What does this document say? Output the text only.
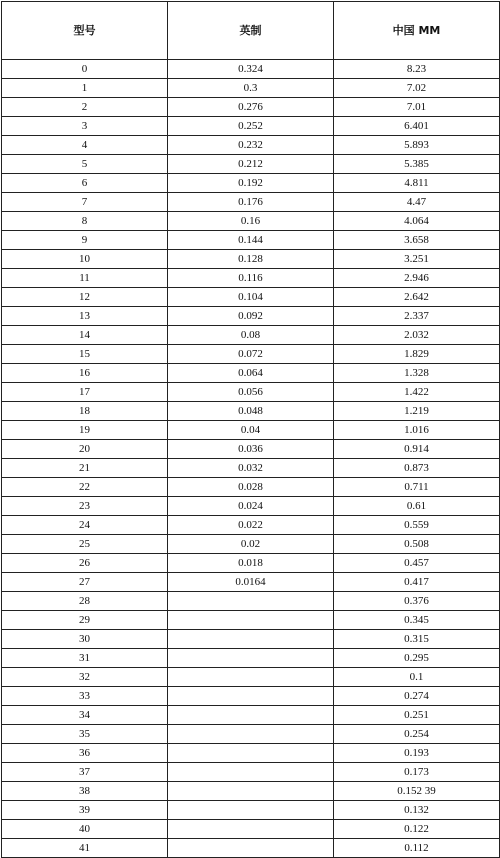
型号	英制	中国 MM
0	0.324	8.23
1	0.3	7.02
2	0.276	7.01
3	0.252	6.401
4	0.232	5.893
5	0.212	5.385
6	0.192	4.811
7	0.176	4.47
8	0.16	4.064
9	0.144	3.658
10	0.128	3.251
11	0.116	2.946
12	0.104	2.642
13	0.092	2.337
14	0.08	2.032
15	0.072	1.829
16	0.064	1.328
17	0.056	1.422
18	0.048	1.219
19	0.04	1.016
20	0.036	0.914
21	0.032	0.873
22	0.028	0.711
23	0.024	0.61
24	0.022	0.559
25	0.02	0.508
26	0.018	0.457
27	0.0164	0.417
28		0.376
29		0.345
30		0.315
31		0.295
32		0.1
33		0.274
34		0.251
35		0.254
36		0.193
37		0.173
38		0.152 39
39		0.132
40		0.122
41		0.112
